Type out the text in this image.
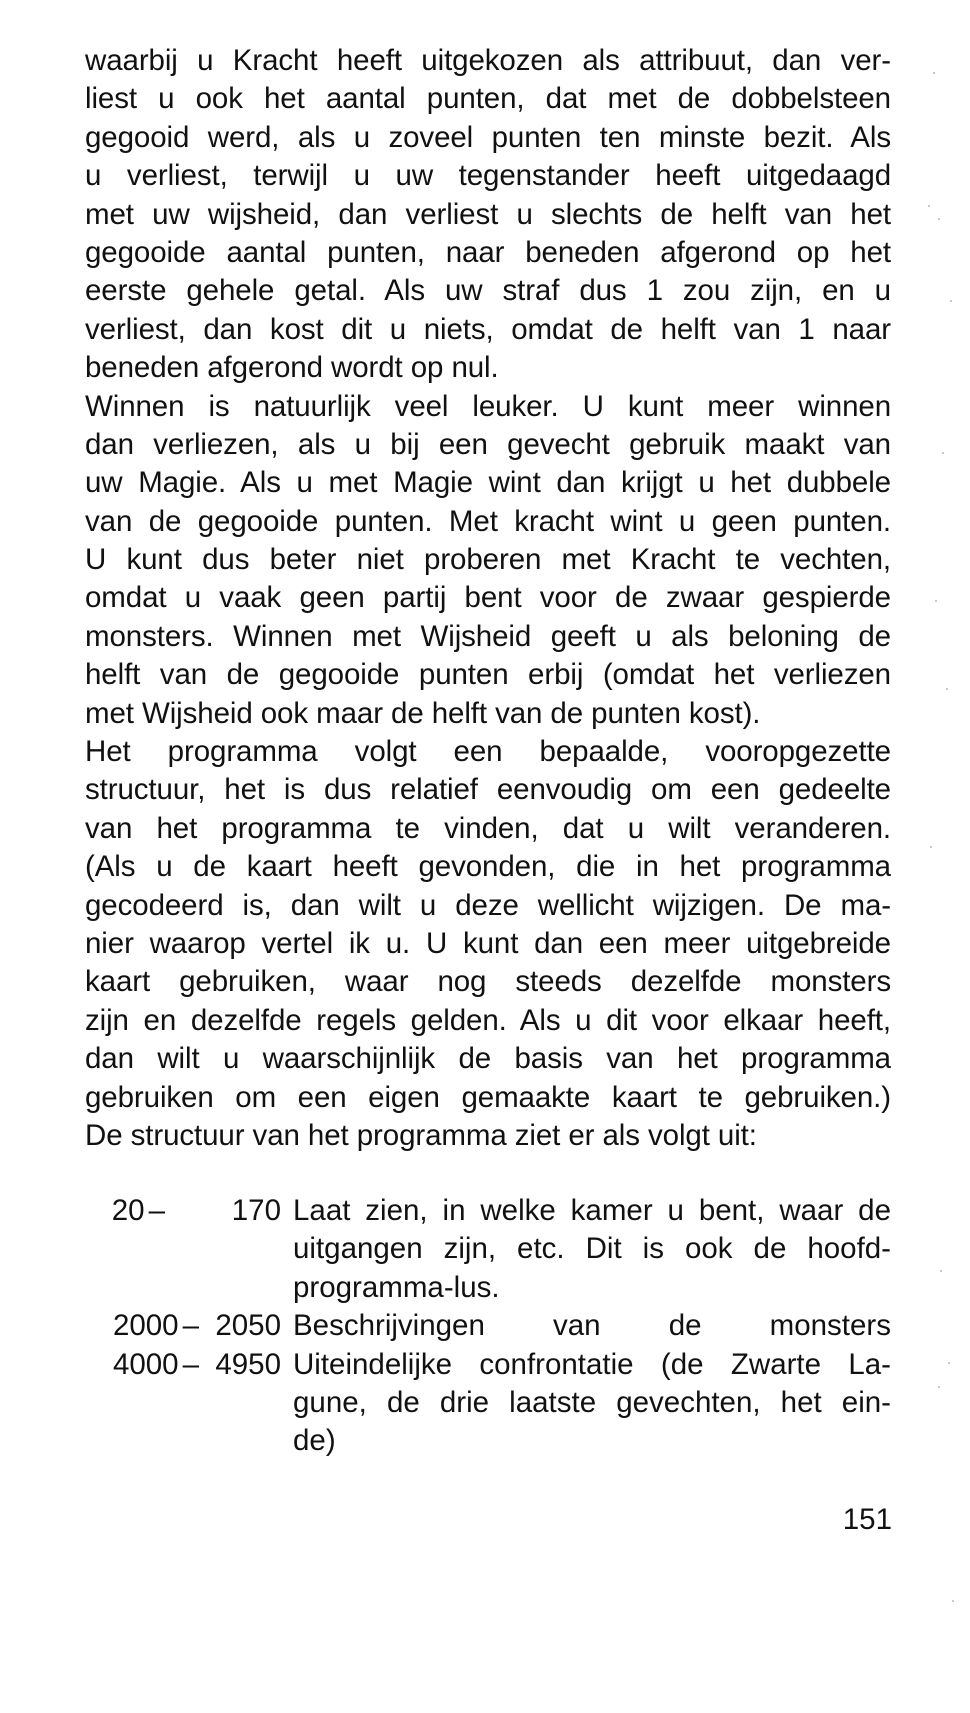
waarbij u Kracht heeft uitgekozen als attribuut, dan ver-
liest u ook het aantal punten, dat met de dobbelsteen
gegooid werd, als u zoveel punten ten minste bezit. Als
u verliest, terwijl u uw tegenstander heeft uitgedaagd
met uw wijsheid, dan verliest u slechts de helft van het
gegooide aantal punten, naar beneden afgerond op het
eerste gehele getal. Als uw straf dus 1 zou zijn, en u
verliest, dan kost dit u niets, omdat de helft van 1 naar
beneden afgerond wordt op nul.
Winnen is natuurlijk veel leuker. U kunt meer winnen
dan verliezen, als u bij een gevecht gebruik maakt van
uw Magie. Als u met Magie wint dan krijgt u het dubbele
van de gegooide punten. Met kracht wint u geen punten.
U kunt dus beter niet proberen met Kracht te vechten,
omdat u vaak geen partij bent voor de zwaar gespierde
monsters. Winnen met Wijsheid geeft u als beloning de
helft van de gegooide punten erbij (omdat het verliezen
met Wijsheid ook maar de helft van de punten kost).
Het programma volgt een bepaalde, vooropgezette
structuur, het is dus relatief eenvoudig om een gedeelte
van het programma te vinden, dat u wilt veranderen.
(Als u de kaart heeft gevonden, die in het programma
gecodeerd is, dan wilt u deze wellicht wijzigen. De ma-
nier waarop vertel ik u. U kunt dan een meer uitgebreide
kaart gebruiken, waar nog steeds dezelfde monsters
zijn en dezelfde regels gelden. Als u dit voor elkaar heeft,
dan wilt u waarschijnlijk de basis van het programma
gebruiken om een eigen gemaakte kaart te gebruiken.)
De structuur van het programma ziet er als volgt uit:
20 –	170 Laat zien, in welke kamer u bent, waar de
uitgangen zijn, etc. Dit is ook de hoofd-
programma-lus.
2000 – 2050 Beschrijvingen van de monsters
4000 – 4950 Uiteindelijke confrontatie (de Zwarte La-
gune, de drie laatste gevechten, het ein-
de)
151
